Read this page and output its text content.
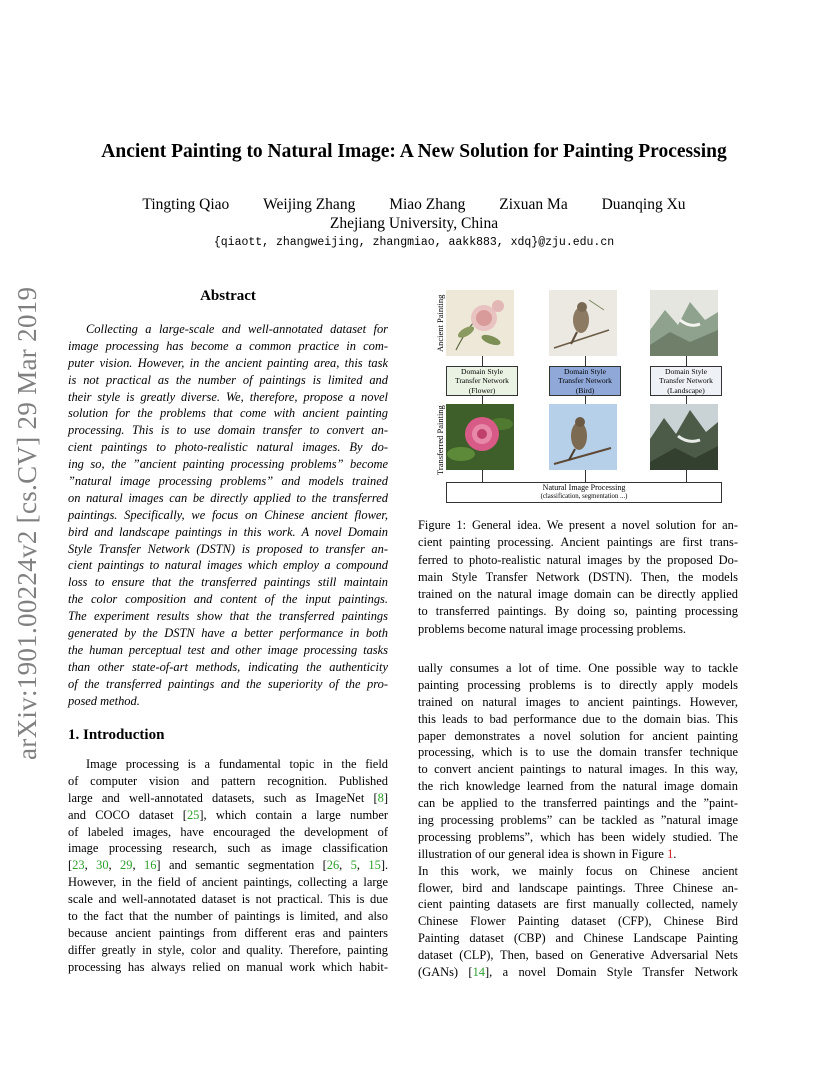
Ancient Painting to Natural Image: A New Solution for Painting Processing
Tingting Qiao Weijing Zhang Miao Zhang Zixuan Ma Duanqing Xu
Zhejiang University, China
{qiaott, zhangweijing, zhangmiao, aakk883, xdq}@zju.edu.cn
arXiv:1901.00224v2 [cs.CV] 29 Mar 2019	Abstract
Collecting a large-scale and well-annotated dataset for
image processing has become a common practice in com-
puter vision. However, in the ancient painting area, this task
is not practical as the number of paintings is limited and
their style is greatly diverse. We, therefore, propose a novel
solution for the problems that come with ancient painting
processing. This is to use domain transfer to convert an-
cient paintings to photo-realistic natural images. By do-
ing so, the ”ancient painting processing problems” become
”natural image processing problems” and models trained
on natural images can be directly applied to the transferred
paintings. Specifically, we focus on Chinese ancient flower,
bird and landscape paintings in this work. A novel Domain
Style Transfer Network (DSTN) is proposed to transfer an-
cient paintings to natural images which employ a compound
loss to ensure that the transferred paintings still maintain
the color composition and content of the input paintings.
The experiment results show that the transferred paintings
generated by the DSTN have a better performance in both
the human perceptual test and other image processing tasks
than other state-of-art methods, indicating the authenticity
of the transferred paintings and the superiority of the pro-
posed method.
1. Introduction
Image processing is a fundamental topic in the field
of computer vision and pattern recognition. Published
large and well-annotated datasets, such as ImageNet [8]
and COCO dataset [25], which contain a large number
of labeled images, have encouraged the development of
image processing research, such as image classification
[23, 30, 29, 16] and semantic segmentation [26, 5, 15].
However, in the field of ancient paintings, collecting a large
scale and well-annotated dataset is not practical. This is due
to the fact that the number of paintings is limited, and also
because ancient paintings from different eras and painters
differ greatly in style, color and quality. Therefore, painting
processing has always relied on manual work which habit-
Ancient Painting
Transferred Painting
Domain Style
Transfer Network
(Flower)
Domain Style
Transfer Network
(Bird)
Domain Style
Transfer Network
(Landscape)
Natural Image Processing
(classification, segmentation ...)
Figure 1: General idea. We present a novel solution for an-
cient painting processing. Ancient paintings are first trans-
ferred to photo-realistic natural images by the proposed Do-
main Style Transfer Network (DSTN). Then, the models
trained on the natural image domain can be directly applied
to transferred paintings. By doing so, painting processing
problems become natural image processing problems.
ually consumes a lot of time. One possible way to tackle
painting processing problems is to directly apply models
trained on natural images to ancient paintings. However,
this leads to bad performance due to the domain bias. This
paper demonstrates a novel solution for ancient painting
processing, which is to use the domain transfer technique
to convert ancient paintings to natural images. In this way,
the rich knowledge learned from the natural image domain
can be applied to the transferred paintings and the ”paint-
ing processing problems” can be tackled as ”natural image
processing problems”, which has been widely studied. The
illustration of our general idea is shown in Figure 1.
In this work, we mainly focus on Chinese ancient
flower, bird and landscape paintings. Three Chinese an-
cient painting datasets are first manually collected, namely
Chinese Flower Painting dataset (CFP), Chinese Bird
Painting dataset (CBP) and Chinese Landscape Painting
dataset (CLP), Then, based on Generative Adversarial Nets
(GANs) [14], a novel Domain Style Transfer Network
